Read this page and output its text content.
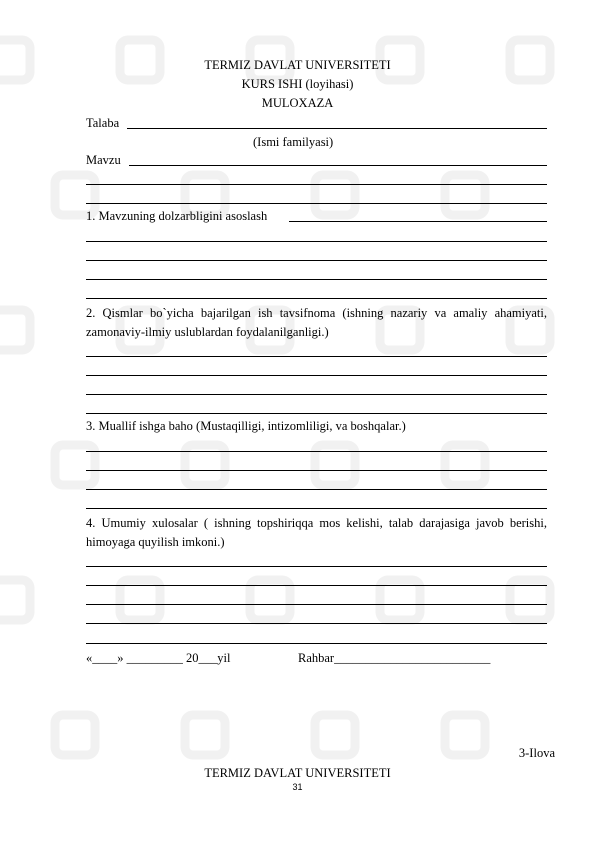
TERMIZ DAVLAT UNIVERSITETI
KURS ISHI (loyihasi)
MULOXAZA
Talaba
(Ismi familyasi)
Mavzu
1. Mavzuning dolzarbligini asoslash
2. Qismlar bo`yicha bajarilgan ish tavsifnoma (ishning nazariy va amaliy ahamiyati, zamonaviy-ilmiy uslublardan foydalanilganligi.)
3. Muallif ishga baho (Mustaqilligi, intizomliligi, va boshqalar.)
4. Umumiy xulosalar ( ishning topshiriqqa mos kelishi, talab darajasiga javob berishi, himoyaga quyilish imkoni.)
«____» _________ 20___yil	Rahbar_________________________
3-Ilova
TERMIZ DAVLAT UNIVERSITETI
31
